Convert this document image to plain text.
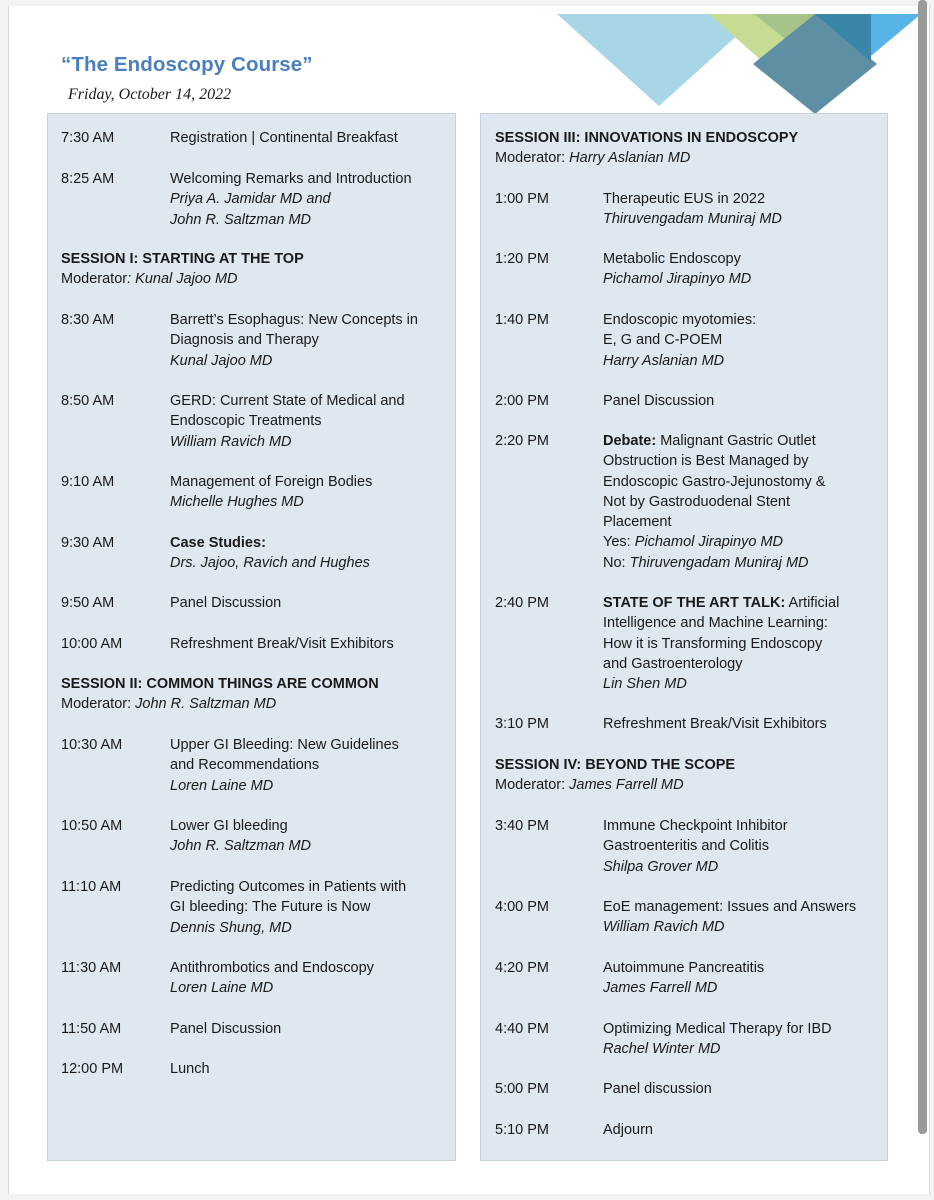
“The Endoscopy Course”
Friday, October 14, 2022
7:30 AM	Registration | Continental Breakfast
8:25 AM	Welcoming Remarks and Introduction
Priya A. Jamidar MD and
John R. Saltzman MD
SESSION I: STARTING AT THE TOP
Moderator: Kunal Jajoo MD
8:30 AM	Barrett’s Esophagus: New Concepts in
Diagnosis and Therapy
Kunal Jajoo MD
8:50 AM	GERD: Current State of Medical and
Endoscopic Treatments
William Ravich MD
9:10 AM	Management of Foreign Bodies
Michelle Hughes MD
9:30 AM	Case Studies:
Drs. Jajoo, Ravich and Hughes
9:50 AM	Panel Discussion
10:00 AM	Refreshment Break/Visit Exhibitors
SESSION II: COMMON THINGS ARE COMMON
Moderator: John R. Saltzman MD
10:30 AM	Upper GI Bleeding: New Guidelines
and Recommendations
Loren Laine MD
10:50 AM	Lower GI bleeding
John R. Saltzman MD
11:10 AM	Predicting Outcomes in Patients with
GI bleeding: The Future is Now
Dennis Shung, MD
11:30 AM	Antithrombotics and Endoscopy
Loren Laine MD
11:50 AM	Panel Discussion
12:00 PM	Lunch
SESSION III: INNOVATIONS IN ENDOSCOPY
Moderator: Harry Aslanian MD
1:00 PM	Therapeutic EUS in 2022
Thiruvengadam Muniraj MD
1:20 PM	Metabolic Endoscopy
Pichamol Jirapinyo MD
1:40 PM	Endoscopic myotomies:
E, G and C-POEM
Harry Aslanian MD
2:00 PM	Panel Discussion
2:20 PM	Debate: Malignant Gastric Outlet
Obstruction is Best Managed by
Endoscopic Gastro-Jejunostomy &
Not by Gastroduodenal Stent
Placement
Yes: Pichamol Jirapinyo MD
No: Thiruvengadam Muniraj MD
2:40 PM	STATE OF THE ART TALK: Artificial
Intelligence and Machine Learning:
How it is Transforming Endoscopy
and Gastroenterology
Lin Shen MD
3:10 PM	Refreshment Break/Visit Exhibitors
SESSION IV: BEYOND THE SCOPE
Moderator: James Farrell MD
3:40 PM	Immune Checkpoint Inhibitor
Gastroenteritis and Colitis
Shilpa Grover MD
4:00 PM	EoE management: Issues and Answers
William Ravich MD
4:20 PM	Autoimmune Pancreatitis
James Farrell MD
4:40 PM	Optimizing Medical Therapy for IBD
Rachel Winter MD
5:00 PM	Panel discussion
5:10 PM	Adjourn
